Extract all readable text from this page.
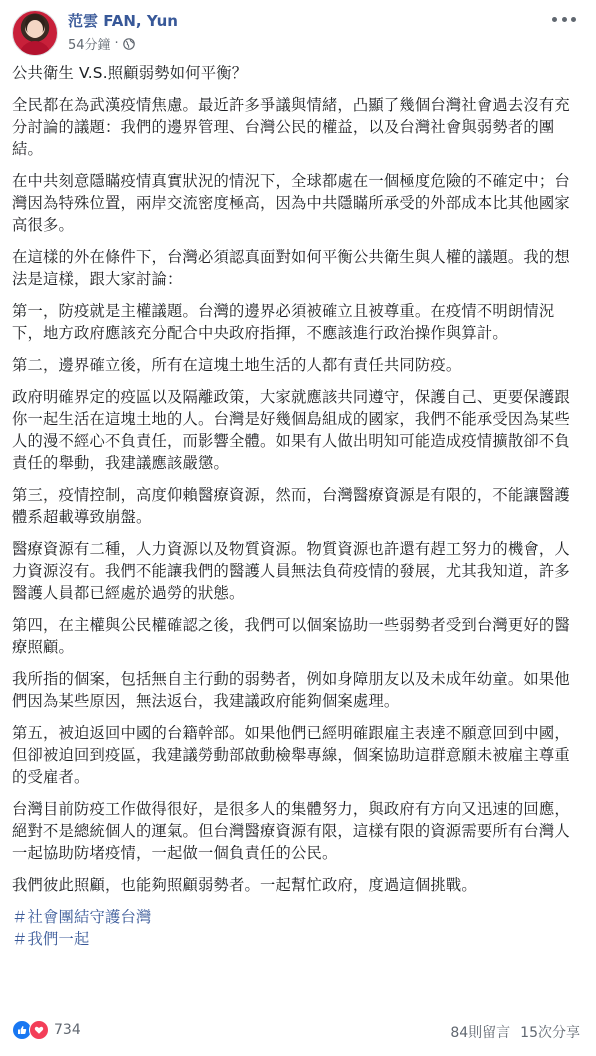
范雲 FAN, Yun
54分鐘 ·

公共衛生 V.S.照顧弱勢如何平衡？

全民都在為武漢疫情焦慮。最近許多爭議與情緒，凸顯了幾個台灣社會過去沒有充分討論的議題：我們的邊界管理、台灣公民的權益，以及台灣社會與弱勢者的團結。

在中共刻意隱瞞疫情真實狀況的情況下，全球都處在一個極度危險的不確定中；台灣因為特殊位置，兩岸交流密度極高，因為中共隱瞞所承受的外部成本比其他國家高很多。

在這樣的外在條件下，台灣必須認真面對如何平衡公共衛生與人權的議題。我的想法是這樣，跟大家討論：

第一，防疫就是主權議題。台灣的邊界必須被確立且被尊重。在疫情不明朗情況下，地方政府應該充分配合中央政府指揮，不應該進行政治操作與算計。

第二，邊界確立後，所有在這塊土地生活的人都有責任共同防疫。

政府明確界定的疫區以及隔離政策，大家就應該共同遵守，保護自己、更要保護跟你一起生活在這塊土地的人。台灣是好幾個島組成的國家，我們不能承受因為某些人的漫不經心不負責任，而影響全體。如果有人做出明知可能造成疫情擴散卻不負責任的舉動，我建議應該嚴懲。

第三，疫情控制，高度仰賴醫療資源，然而，台灣醫療資源是有限的，不能讓醫護體系超載導致崩盤。

醫療資源有二種，人力資源以及物質資源。物質資源也許還有趕工努力的機會，人力資源沒有。我們不能讓我們的醫護人員無法負荷疫情的發展，尤其我知道，許多醫護人員都已經處於過勞的狀態。

第四，在主權與公民權確認之後，我們可以個案協助一些弱勢者受到台灣更好的醫療照顧。

我所指的個案，包括無自主行動的弱勢者，例如身障朋友以及未成年幼童。如果他們因為某些原因，無法返台，我建議政府能夠個案處理。

第五，被迫返回中國的台籍幹部。如果他們已經明確跟雇主表達不願意回到中國，但卻被迫回到疫區，我建議勞動部啟動檢舉專線，個案協助這群意願未被雇主尊重的受雇者。

台灣目前防疫工作做得很好，是很多人的集體努力，與政府有方向又迅速的回應，絕對不是總統個人的運氣。但台灣醫療資源有限，這樣有限的資源需要所有台灣人一起協助防堵疫情，一起做一個負責任的公民。

我們彼此照顧，也能夠照顧弱勢者。一起幫忙政府，度過這個挑戰。

＃社會團結守護台灣

＃我們一起

734	84則留言 15次分享
